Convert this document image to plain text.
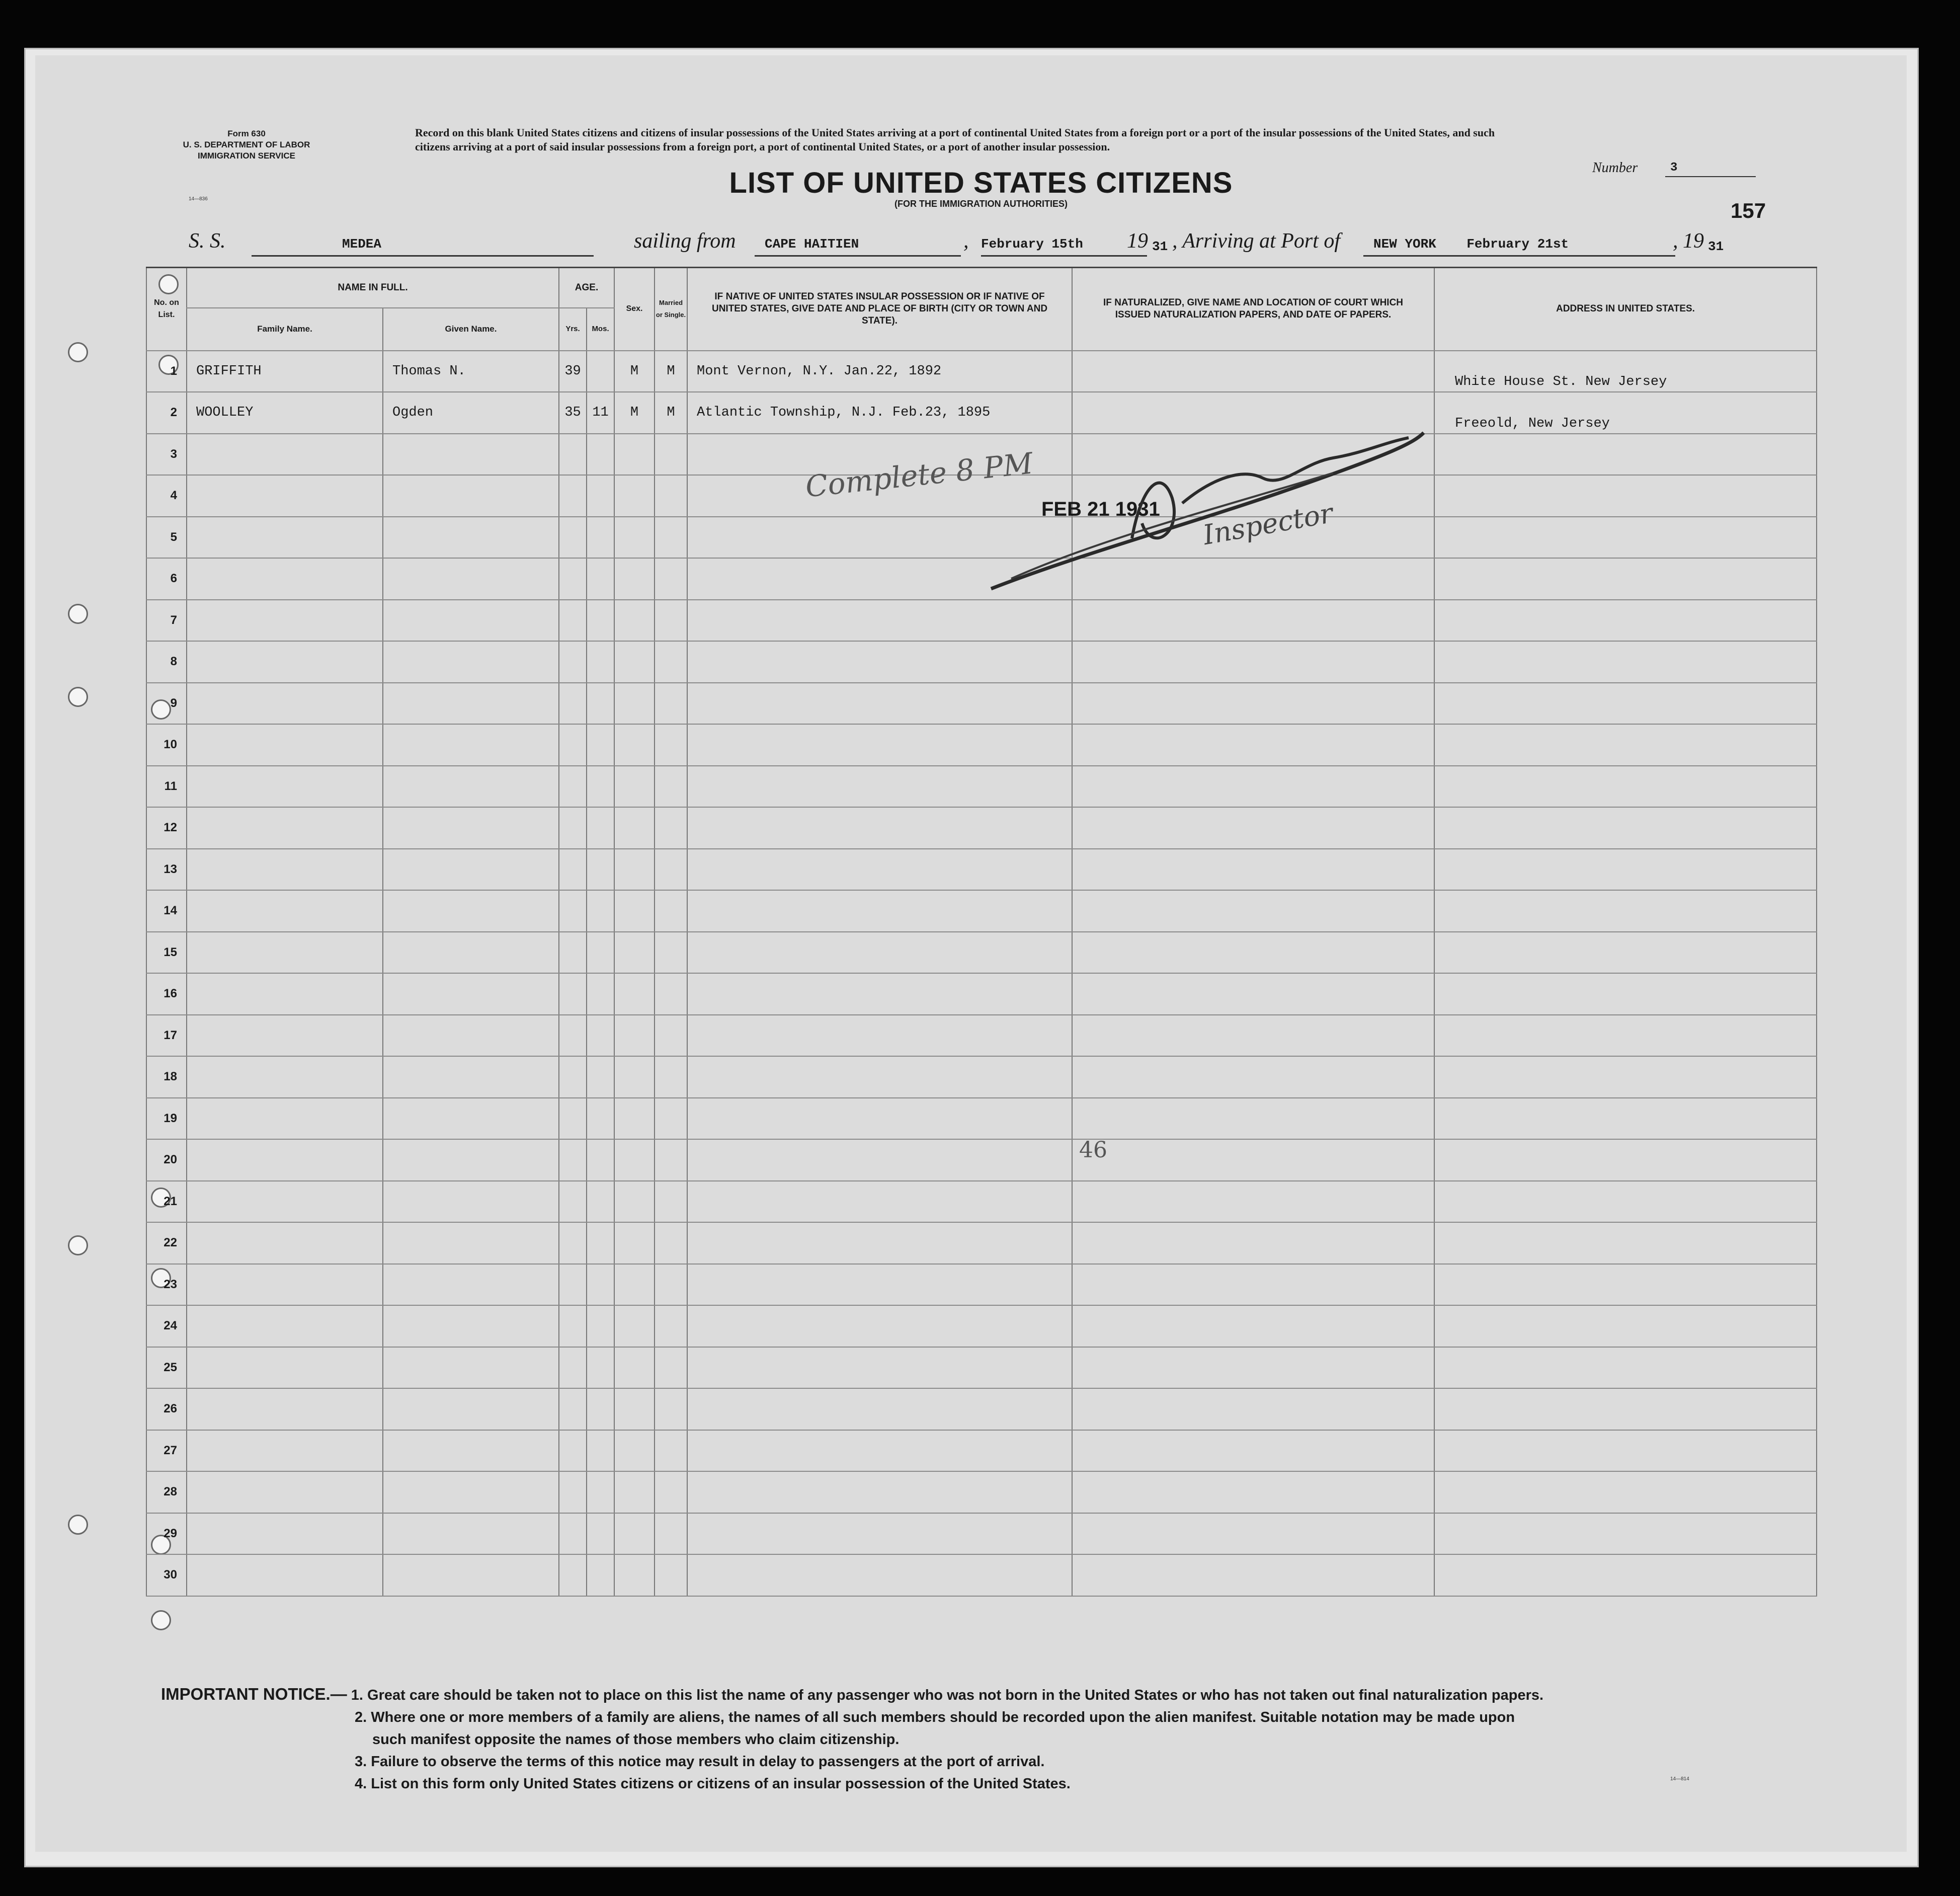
Form 630
U. S. DEPARTMENT OF LABOR
IMMIGRATION SERVICE
14—836
Record on this blank United States citizens and citizens of insular possessions of the United States arriving at a port of continental United States from a foreign port or a port of the insular possessions of the United States, and such citizens arriving at a port of said insular possessions from a foreign port, a port of continental United States, or a port of another insular possession.
LIST OF UNITED STATES CITIZENS
(FOR THE IMMIGRATION AUTHORITIES)
Number	3
157
S. S.	MEDEA	sailing from	CAPE HAITIEN	, February 15th	19 31 , Arriving at Port of	NEW YORK February 21st	, 19 31
No. on List.	NAME IN FULL.		AGE.		Sex.	Married or Single.	IF NATIVE OF UNITED STATES INSULAR POSSESSION OR IF NATIVE OF UNITED STATES, GIVE DATE AND PLACE OF BIRTH (CITY OR TOWN AND STATE).	IF NATURALIZED, GIVE NAME AND LOCATION OF COURT WHICH ISSUED NATURALIZATION PAPERS, AND DATE OF PAPERS.	ADDRESS IN UNITED STATES.
	Family Name.	Given Name.	Yrs.	Mos.					
1	GRIFFITH	Thomas N.	39		M	M	Mont Vernon, N.Y. Jan.22, 1892		White House St. New Jersey
2	WOOLLEY	Ogden	35	11	M	M	Atlantic Township, N.J. Feb.23, 1895		Freeold, New Jersey
3									
4									
5									
6									
7									
8									
9									
10									
11									
12									
13									
14									
15									
16									
17									
18									
19									
20									
21									
22									
23									
24									
25									
26									
27									
28									
29									
30									
Complete 8 PM
FEB 21 1931 Inspector
46
IMPORTANT NOTICE.— 1. Great care should be taken not to place on this list the name of any passenger who was not born in the United States or who has not taken out final naturalization papers.
2. Where one or more members of a family are aliens, the names of all such members should be recorded upon the alien manifest. Suitable notation may be made upon
such manifest opposite the names of those members who claim citizenship.
3. Failure to observe the terms of this notice may result in delay to passengers at the port of arrival.
4. List on this form only United States citizens or citizens of an insular possession of the United States.	14—814
